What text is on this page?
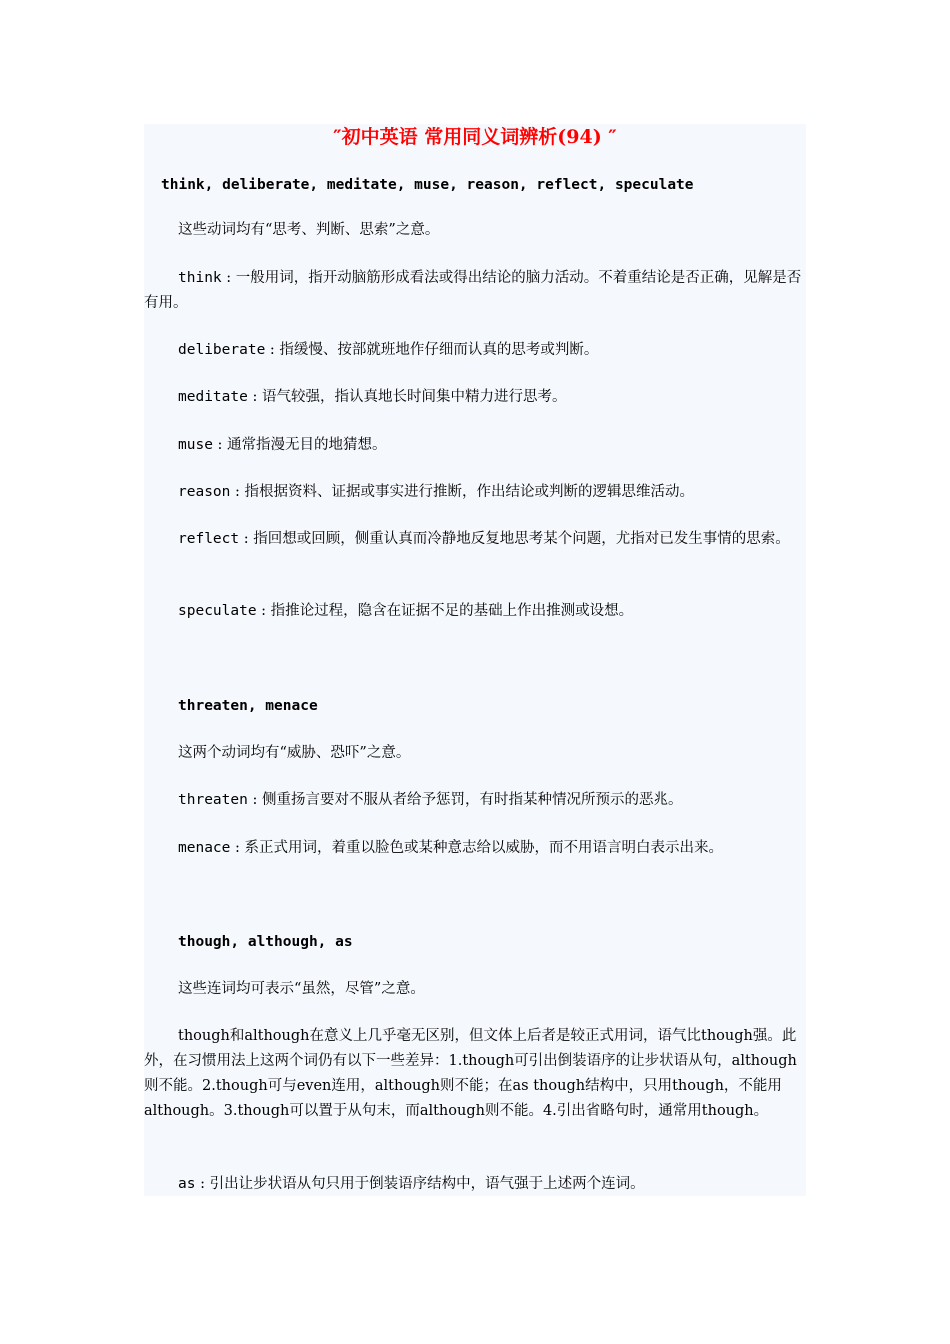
″初中英语 常用同义词辨析(94) ″
think, deliberate, meditate, muse, reason, reflect, speculate
这些动词均有“思考、判断、思索”之意。
think : 一般用词，指开动脑筋形成看法或得出结论的脑力活动。不着重结论是否正确，见解是否有用。
deliberate : 指缓慢、按部就班地作仔细而认真的思考或判断。
meditate : 语气较强，指认真地长时间集中精力进行思考。
muse : 通常指漫无目的地猜想。
reason : 指根据资料、证据或事实进行推断，作出结论或判断的逻辑思维活动。
reflect : 指回想或回顾，侧重认真而冷静地反复地思考某个问题，尤指对已发生事情的思索。
speculate : 指推论过程，隐含在证据不足的基础上作出推测或设想。
threaten, menace
这两个动词均有“威胁、恐吓”之意。
threaten : 侧重扬言要对不服从者给予惩罚，有时指某种情况所预示的恶兆。
menace : 系正式用词，着重以脸色或某种意志给以威胁，而不用语言明白表示出来。
though, although, as
这些连词均可表示“虽然，尽管”之意。
though和although在意义上几乎毫无区别，但文体上后者是较正式用词，语气比though强。此外，在习惯用法上这两个词仍有以下一些差异：1.though可引出倒装语序的让步状语从句，although 则不能。2.though可与even连用，although则不能；在as though结构中，只用though，不能用although。3.though可以置于从句末，而although则不能。4.引出省略句时，通常用though。
as : 引出让步状语从句只用于倒装语序结构中，语气强于上述两个连词。
